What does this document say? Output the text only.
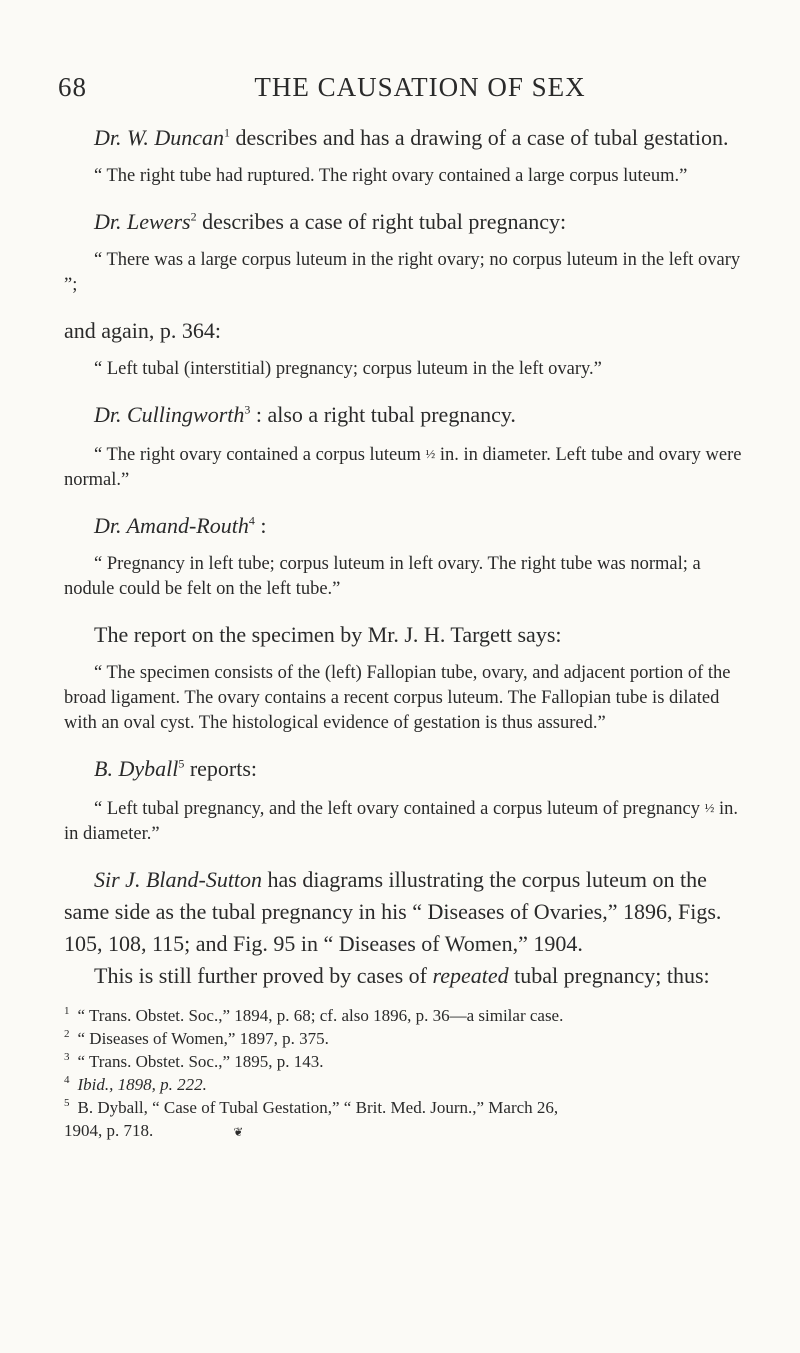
68	THE CAUSATION OF SEX

Dr. W. Duncan$^1$ describes and has a drawing of a case of tubal gestation.

“ The right tube had ruptured. The right ovary contained a large corpus luteum.”

Dr. Lewers$^2$ describes a case of right tubal pregnancy:

“ There was a large corpus luteum in the right ovary; no corpus luteum in the left ovary ”;

and again, p. 364:

“ Left tubal (interstitial) pregnancy; corpus luteum in the left ovary.”

Dr. Cullingworth$^3$ : also a right tubal pregnancy.

“ The right ovary contained a corpus luteum ½ in. in diameter. Left tube and ovary were normal.”

Dr. Amand-Routh$^4$ :

“ Pregnancy in left tube; corpus luteum in left ovary. The right tube was normal; a nodule could be felt on the left tube.”

The report on the specimen by Mr. J. H. Targett says:

“ The specimen consists of the (left) Fallopian tube, ovary, and adjacent portion of the broad ligament. The ovary contains a recent corpus luteum. The Fallopian tube is dilated with an oval cyst. The histological evidence of gestation is thus assured.”

B. Dyball$^5$ reports:

“ Left tubal pregnancy, and the left ovary contained a corpus luteum of pregnancy ½ in. in diameter.”

Sir J. Bland-Sutton has diagrams illustrating the corpus luteum on the same side as the tubal pregnancy in his “ Diseases of Ovaries,” 1896, Figs. 105, 108, 115; and Fig. 95 in “ Diseases of Women,” 1904.

This is still further proved by cases of repeated tubal pregnancy; thus:

$^1$ “ Trans. Obstet. Soc.,” 1894, p. 68; cf. also 1896, p. 36—a similar case.

$^2$ “ Diseases of Women,” 1897, p. 375.

$^3$ “ Trans. Obstet. Soc.,” 1895, p. 143.

$^4$ Ibid., 1898, p. 222.

$^5$ B. Dyball, “ Case of Tubal Gestation,” “ Brit. Med. Journ.,” March 26,

1904, p. 718.	❦
